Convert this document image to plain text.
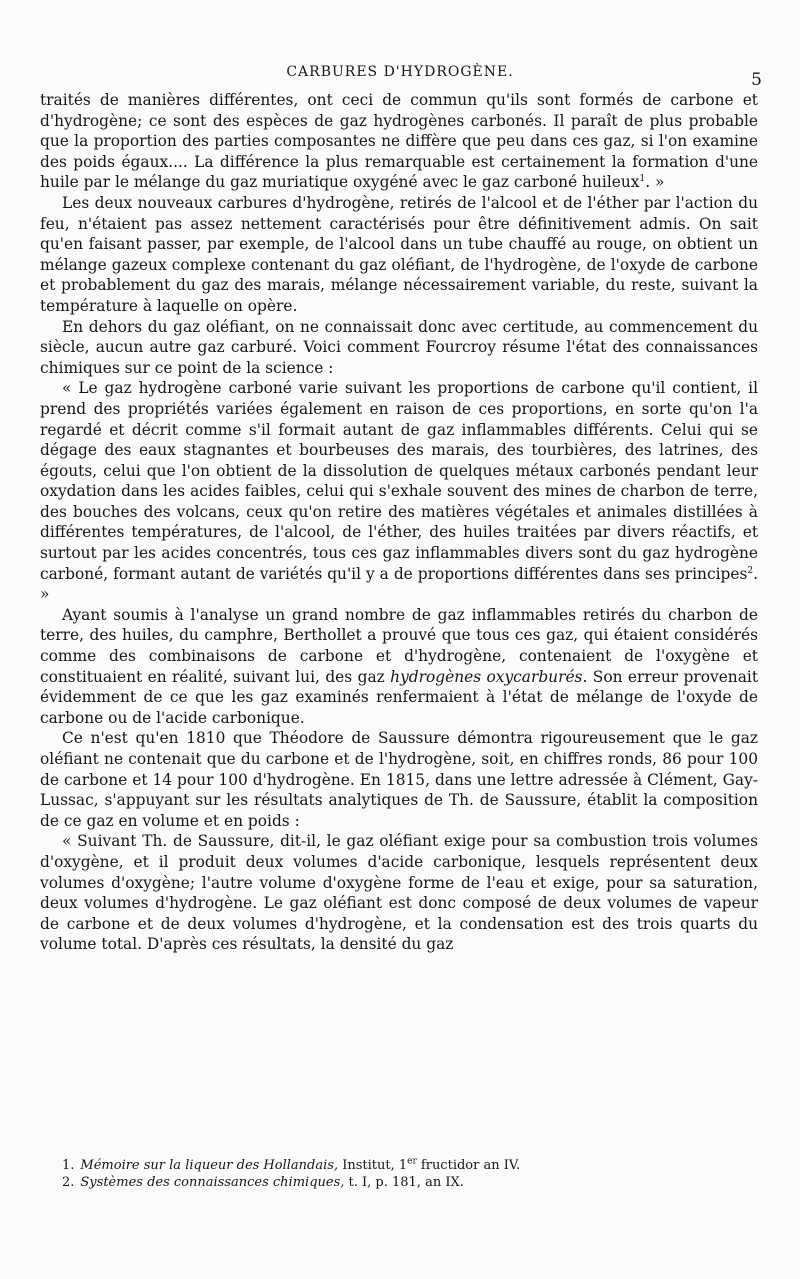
CARBURES D'HYDROGÈNE.	5

traités de manières différentes, ont ceci de commun qu'ils sont formés de carbone et d'hydrogène; ce sont des espèces de gaz hydrogènes carbonés. Il paraît de plus probable que la proportion des parties composantes ne diffère que peu dans ces gaz, si l'on examine des poids égaux.... La différence la plus remarquable est certainement la formation d'une huile par le mélange du gaz muriatique oxygéné avec le gaz carboné huileux$^1$. »

Les deux nouveaux carbures d'hydrogène, retirés de l'alcool et de l'éther par l'action du feu, n'étaient pas assez nettement caractérisés pour être définitivement admis. On sait qu'en faisant passer, par exemple, de l'alcool dans un tube chauffé au rouge, on obtient un mélange gazeux complexe contenant du gaz oléfiant, de l'hydrogène, de l'oxyde de carbone et probablement du gaz des marais, mélange nécessairement variable, du reste, suivant la température à laquelle on opère.

En dehors du gaz oléfiant, on ne connaissait donc avec certitude, au commencement du siècle, aucun autre gaz carburé. Voici comment Fourcroy résume l'état des connaissances chimiques sur ce point de la science :

« Le gaz hydrogène carboné varie suivant les proportions de carbone qu'il contient, il prend des propriétés variées également en raison de ces proportions, en sorte qu'on l'a regardé et décrit comme s'il formait autant de gaz inflammables différents. Celui qui se dégage des eaux stagnantes et bourbeuses des marais, des tourbières, des latrines, des égouts, celui que l'on obtient de la dissolution de quelques métaux carbonés pendant leur oxydation dans les acides faibles, celui qui s'exhale souvent des mines de charbon de terre, des bouches des volcans, ceux qu'on retire des matières végétales et animales distillées à différentes températures, de l'alcool, de l'éther, des huiles traitées par divers réactifs, et surtout par les acides concentrés, tous ces gaz inflammables divers sont du gaz hydrogène carboné, formant autant de variétés qu'il y a de proportions différentes dans ses principes$^2$. »

Ayant soumis à l'analyse un grand nombre de gaz inflammables retirés du charbon de terre, des huiles, du camphre, Berthollet a prouvé que tous ces gaz, qui étaient considérés comme des combinaisons de carbone et d'hydrogène, contenaient de l'oxygène et constituaient en réalité, suivant lui, des gaz hydrogènes oxycarburés. Son erreur provenait évidemment de ce que les gaz examinés renfermaient à l'état de mélange de l'oxyde de carbone ou de l'acide carbonique.

Ce n'est qu'en 1810 que Théodore de Saussure démontra rigoureusement que le gaz oléfiant ne contenait que du carbone et de l'hydrogène, soit, en chiffres ronds, 86 pour 100 de carbone et 14 pour 100 d'hydrogène. En 1815, dans une lettre adressée à Clément, Gay-Lussac, s'appuyant sur les résultats analytiques de Th. de Saussure, établit la composition de ce gaz en volume et en poids :

« Suivant Th. de Saussure, dit-il, le gaz oléfiant exige pour sa combustion trois volumes d'oxygène, et il produit deux volumes d'acide carbonique, lesquels représentent deux volumes d'oxygène; l'autre volume d'oxygène forme de l'eau et exige, pour sa saturation, deux volumes d'hydrogène. Le gaz oléfiant est donc composé de deux volumes de vapeur de carbone et de deux volumes d'hydrogène, et la condensation est des trois quarts du volume total. D'après ces résultats, la densité du gaz

1. Mémoire sur la liqueur des Hollandais, Institut, 1er fructidor an IV.

2. Systèmes des connaissances chimiques, t. I, p. 181, an IX.
